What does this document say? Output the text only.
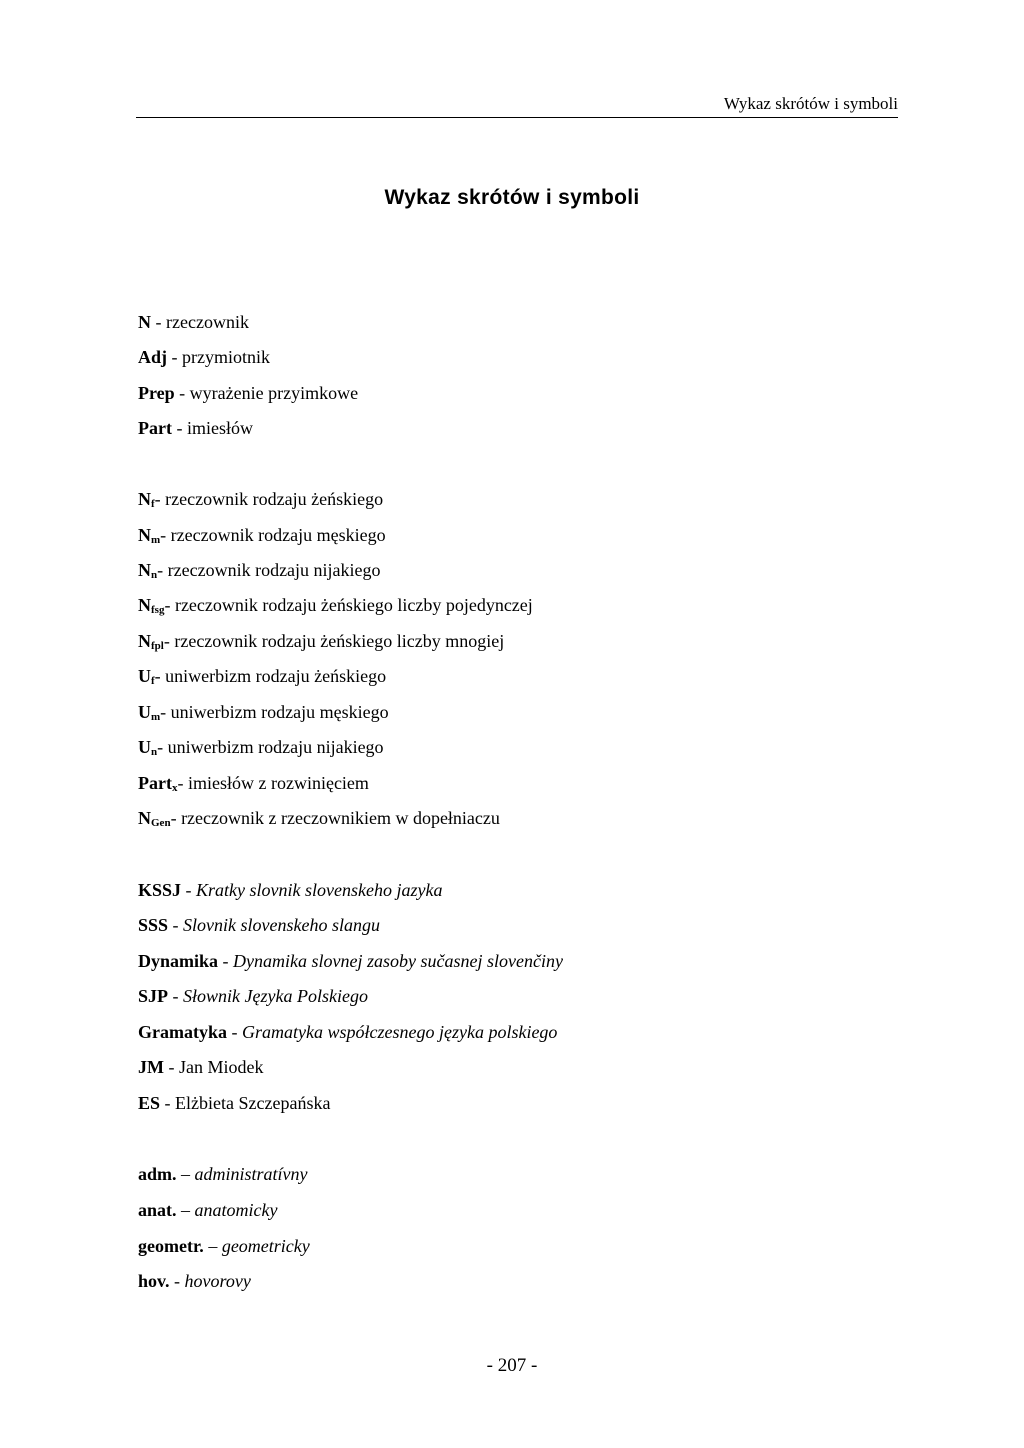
Wykaz skrótów i symboli
Wykaz skrótów i symboli
N - rzeczownik
Adj - przymiotnik
Prep - wyrażenie przyimkowe
Part - imiesłów
Nf- rzeczownik rodzaju żeńskiego
Nm- rzeczownik rodzaju męskiego
Nn- rzeczownik rodzaju nijakiego
Nfsg- rzeczownik rodzaju żeńskiego liczby pojedynczej
Nfpl- rzeczownik rodzaju żeńskiego liczby mnogiej
Uf- uniwerbizm rodzaju żeńskiego
Um- uniwerbizm rodzaju męskiego
Un- uniwerbizm rodzaju nijakiego
Partx- imiesłów z rozwinięciem
NGen- rzeczownik z rzeczownikiem w dopełniaczu
KSSJ - Kratky slovnik slovenskeho jazyka
SSS - Slovnik slovenskeho slangu
Dynamika - Dynamika slovnej zasoby sučasnej slovenčiny
SJP - Słownik Języka Polskiego
Gramatyka - Gramatyka współczesnego języka polskiego
JM - Jan Miodek
ES - Elżbieta Szczepańska
adm. – administratívny
anat. – anatomicky
geometr. – geometricky
hov. - hovorovy
- 207 -
